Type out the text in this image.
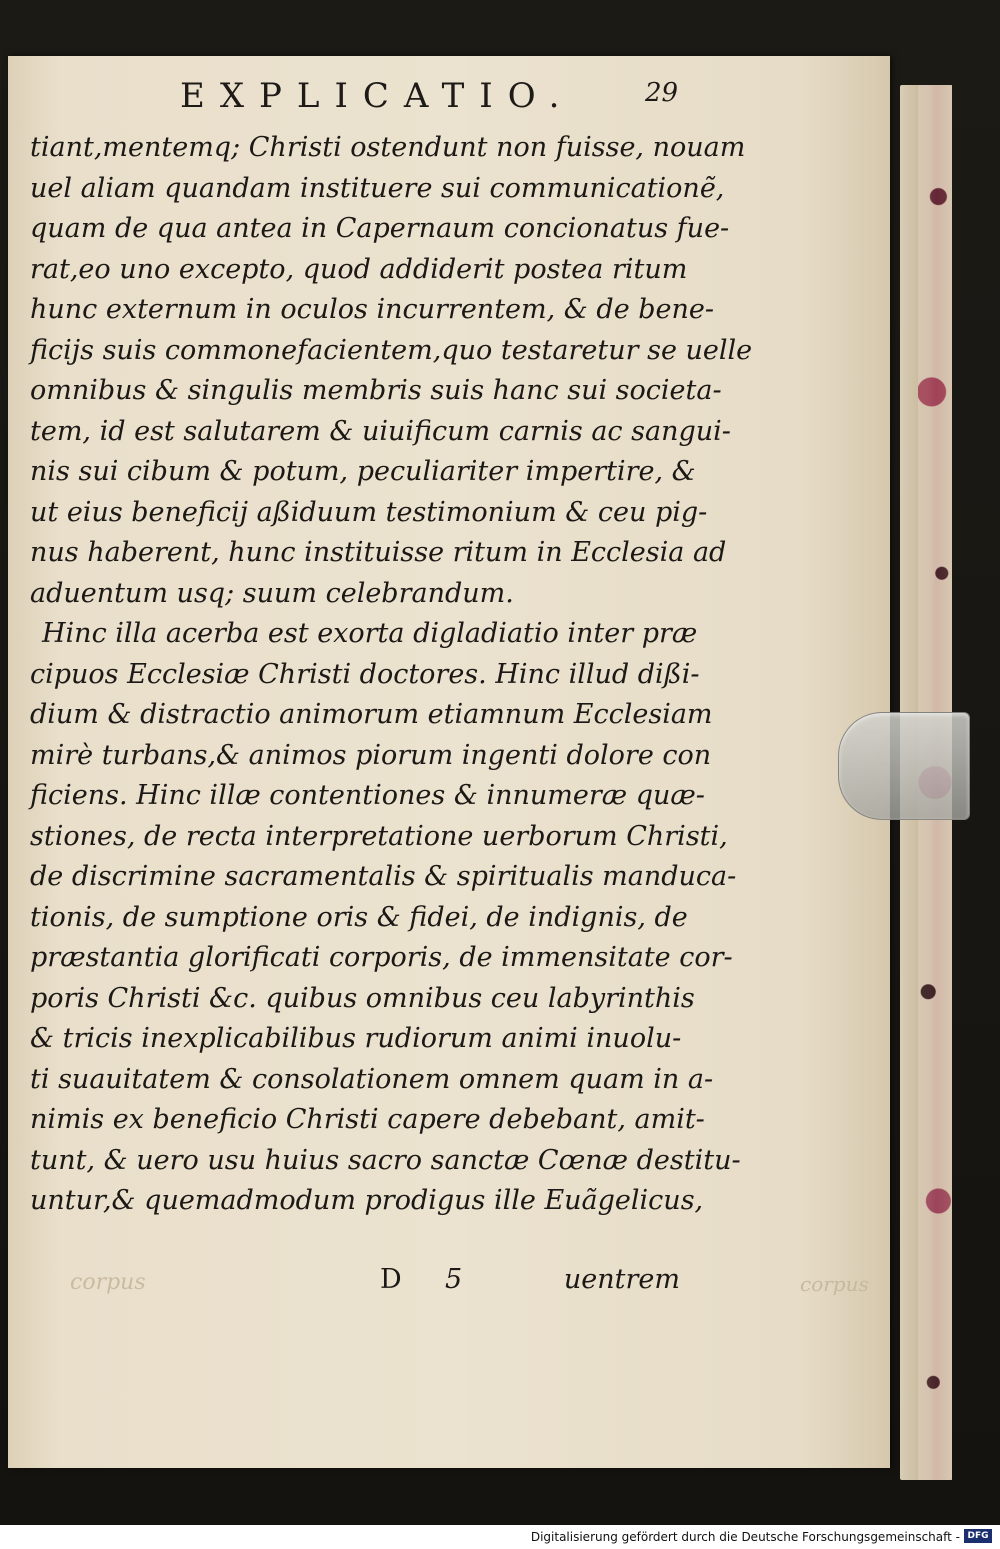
EXPLICATIO.	29
tiant,mentemq; Christi ostendunt non fuisse, nouam
uel aliam quandam instituere sui communicationẽ,
quam de qua antea in Capernaum concionatus fue-
rat,eo uno excepto, quod addiderit postea ritum
hunc externum in oculos incurrentem, & de bene-
ficijs suis commonefacientem,quo testaretur se uelle
omnibus & singulis membris suis hanc sui societa-
tem, id est salutarem & uiuificum carnis ac sangui-
nis sui cibum & potum, peculiariter impertire, &
ut eius beneficij aßiduum testimonium & ceu pig-
nus haberent, hunc instituisse ritum in Ecclesia ad
aduentum usq; suum celebrandum.
Hinc illa acerba est exorta digladiatio inter præ
cipuos Ecclesiæ Christi doctores. Hinc illud dißi-
dium & distractio animorum etiamnum Ecclesiam
mirè turbans,& animos piorum ingenti dolore con
ficiens. Hinc illæ contentiones & innumeræ quæ-
stiones, de recta interpretatione uerborum Christi,
de discrimine sacramentalis & spiritualis manduca-
tionis, de sumptione oris & fidei, de indignis, de
præstantia glorificati corporis, de immensitate cor-
poris Christi &c. quibus omnibus ceu labyrinthis
& tricis inexplicabilibus rudiorum animi inuolu-
ti suauitatem & consolationem omnem quam in a-
nimis ex beneficio Christi capere debebant, amit-
tunt, & uero usu huius sacro sanctæ Cœnæ destitu-
untur,& quemadmodum prodigus ille Euãgelicus,
corpus	corpus
D 5	uentrem
Digitalisierung gefördert durch die Deutsche Forschungsgemeinschaft - DFG
